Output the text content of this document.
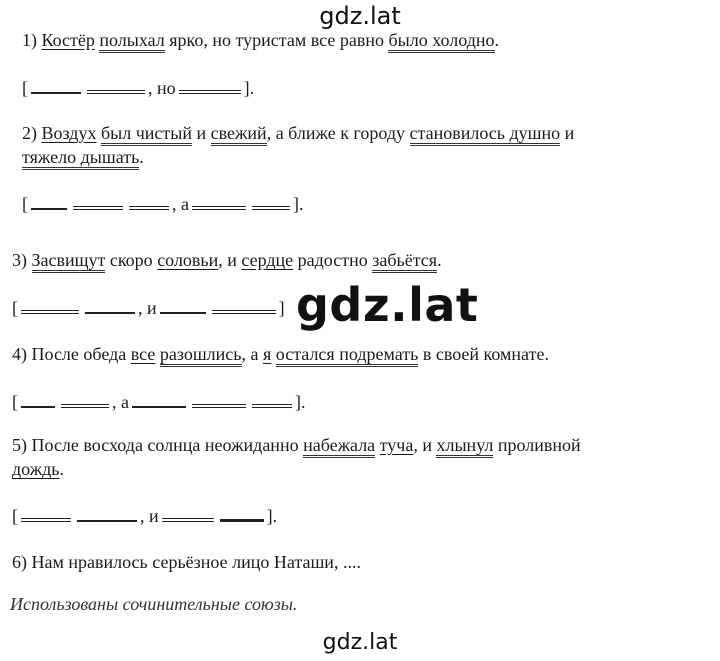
gdz.lat
1) Костёр полыхал ярко, но туристам все равно было холодно.
[	, но	].
2) Воздух был чистый и свежий, а ближе к городу становилось душно и
тяжело дышать.
[	, а	].
3) Засвищут скоро соловьи, и сердце радостно забьётся.
[	, и	] gdz.lat
4) После обеда все разошлись, а я остался подремать в своей комнате.
[	, а	].
5) После восхода солнца неожиданно набежала туча, и хлынул проливной
дождь.
[	, и	].
6) Нам нравилось серьёзное лицо Наташи, ....
Использованы сочинительные союзы.
gdz.lat
